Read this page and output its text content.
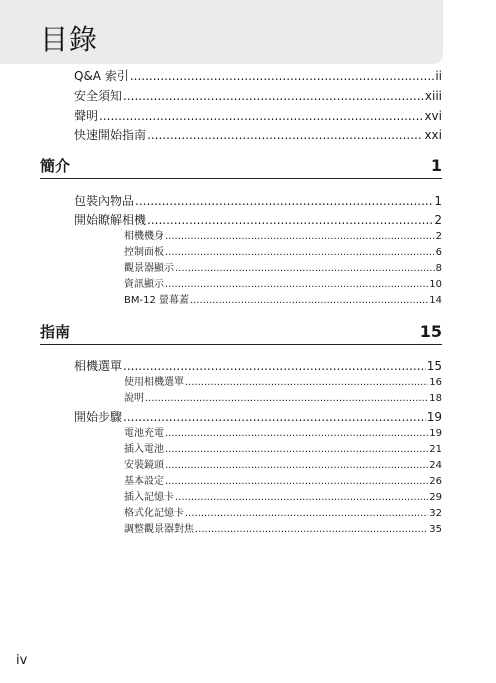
目錄
Q&A 索引 .....	ii
安全須知 .....	xiii
聲明 .....	xvi
快速開始指南 .....	xxi
簡介	1
包裝內物品 .....	1
開始瞭解相機 .....	2
相機機身 .....	2
控制面板 .....	6
觀景器顯示 .....	8
資訊顯示 .....	10
BM-12 螢幕蓋 .....	14
指南	15
相機選單 .....	15
使用相機選單 .....	16
說明 .....	18
開始步驟 .....	19
電池充電 .....	19
插入電池 .....	21
安裝鏡頭 .....	24
基本設定 .....	26
插入記憶卡 .....	29
格式化記憶卡 .....	32
調整觀景器對焦 .....	35
iv
